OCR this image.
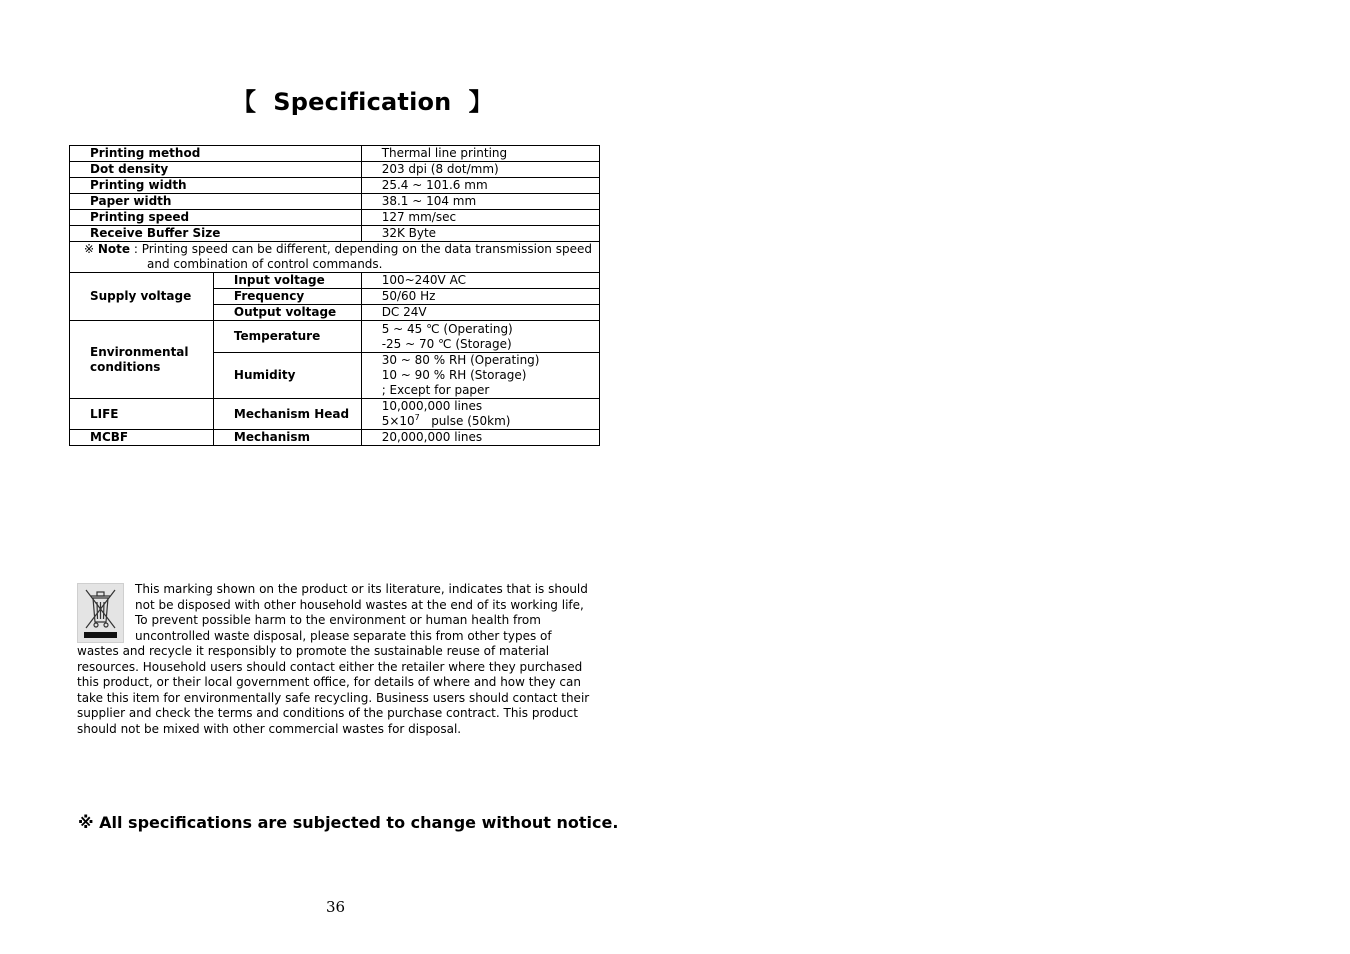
【  Specification  】
Printing method		Thermal line printing
Dot density		203 dpi (8 dot/mm)
Printing width		25.4 ~ 101.6 mm
Paper width		38.1 ~ 104 mm
Printing speed		127 mm/sec
Receive Buffer Size		32K Byte
※ Note : Printing speed can be different, depending on the data transmission speed
and combination of control commands.		

Supply voltage	Input voltage	100~240V AC
	Frequency	50/60 Hz
	Output voltage	DC 24V

Environmental conditions	Temperature	5 ~ 45 ℃ (Operating)
-25 ~ 70 ℃ (Storage)

	Humidity	30 ~ 80 % RH (Operating)
10 ~ 90 % RH (Storage)
; Except for paper

LIFE	Mechanism Head	10,000,000 lines
$5\times 10^7$   pulse (50km)

MCBF	Mechanism	20,000,000 lines
This marking shown on the product or its literature, indicates that is should not be disposed with other household wastes at the end of its working life, To prevent possible harm to the environment or human health from uncontrolled waste disposal, please separate this from other types of wastes and recycle it responsibly to promote the sustainable reuse of material resources. Household users should contact either the retailer where they purchased this product, or their local government office, for details of where and how they can take this item for environmentally safe recycling. Business users should contact their supplier and check the terms and conditions of the purchase contract. This product should not be mixed with other commercial wastes for disposal.
※ All specifications are subjected to change without notice.
36
